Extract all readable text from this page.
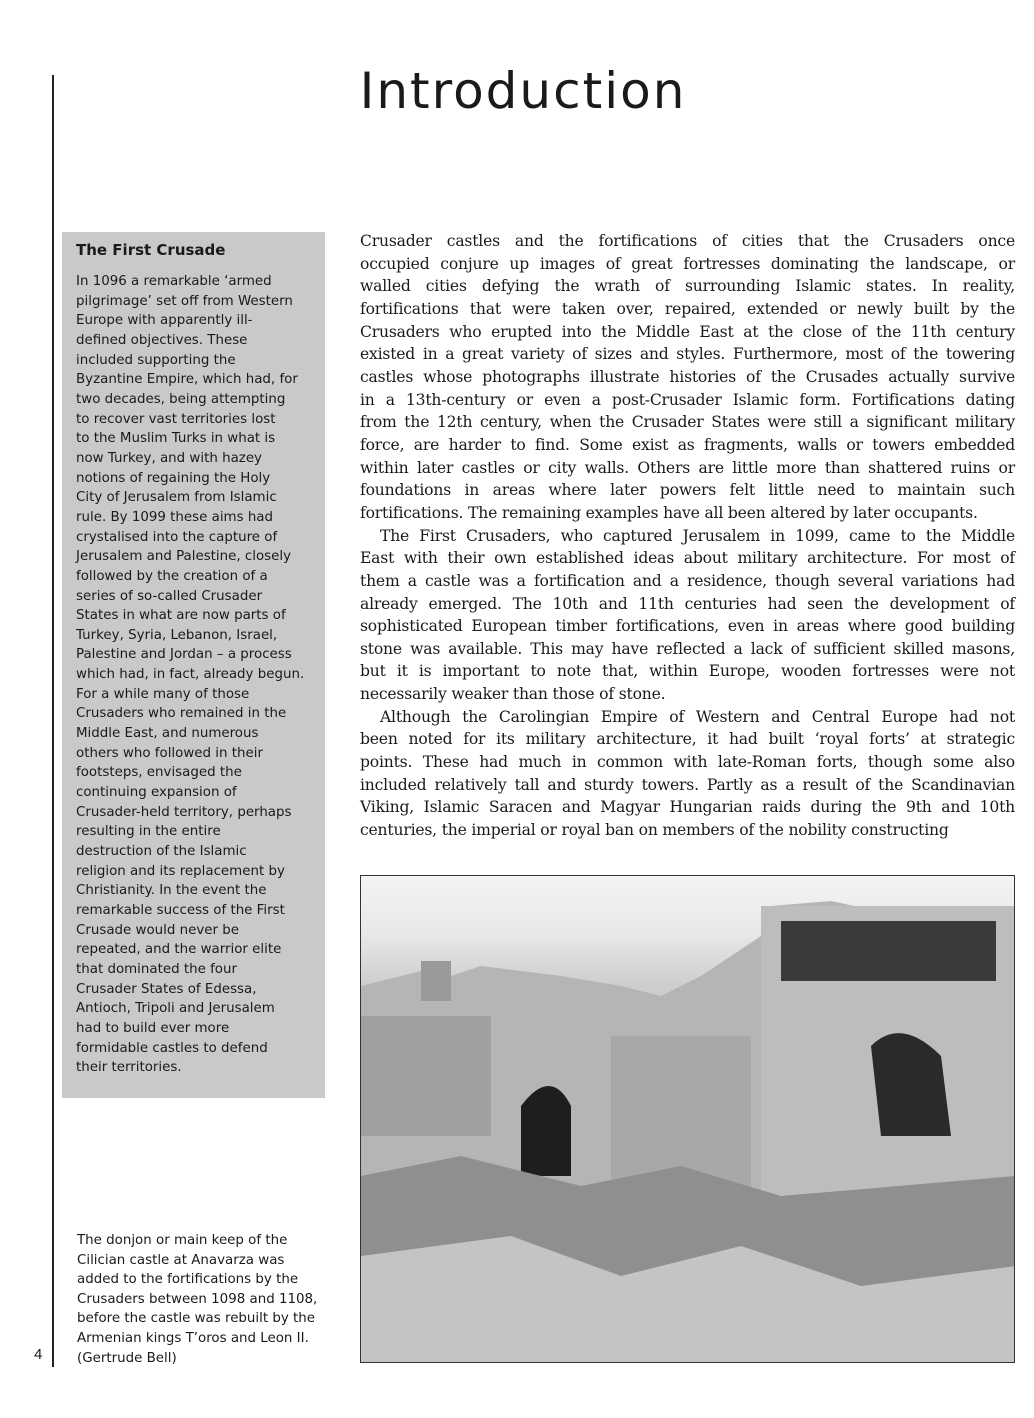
Introduction
4
The First Crusade
In 1096 a remarkable ‘armed
pilgrimage’ set off from Western
Europe with apparently ill-
defined objectives. These
included supporting the
Byzantine Empire, which had, for
two decades, being attempting
to recover vast territories lost
to the Muslim Turks in what is
now Turkey, and with hazey
notions of regaining the Holy
City of Jerusalem from Islamic
rule. By 1099 these aims had
crystalised into the capture of
Jerusalem and Palestine, closely
followed by the creation of a
series of so-called Crusader
States in what are now parts of
Turkey, Syria, Lebanon, Israel,
Palestine and Jordan – a process
which had, in fact, already begun.
For a while many of those
Crusaders who remained in the
Middle East, and numerous
others who followed in their
footsteps, envisaged the
continuing expansion of
Crusader-held territory, perhaps
resulting in the entire
destruction of the Islamic
religion and its replacement by
Christianity. In the event the
remarkable success of the First
Crusade would never be
repeated, and the warrior elite
that dominated the four
Crusader States of Edessa,
Antioch, Tripoli and Jerusalem
had to build ever more
formidable castles to defend
their territories.
Crusader castles and the fortifications of cities that the Crusaders once
occupied conjure up images of great fortresses dominating the landscape, or
walled cities defying the wrath of surrounding Islamic states. In reality,
fortifications that were taken over, repaired, extended or newly built by the
Crusaders who erupted into the Middle East at the close of the 11th century
existed in a great variety of sizes and styles. Furthermore, most of the towering
castles whose photographs illustrate histories of the Crusades actually survive
in a 13th-century or even a post-Crusader Islamic form. Fortifications dating
from the 12th century, when the Crusader States were still a significant military
force, are harder to find. Some exist as fragments, walls or towers embedded
within later castles or city walls. Others are little more than shattered ruins or
foundations in areas where later powers felt little need to maintain such
fortifications. The remaining examples have all been altered by later occupants.
The First Crusaders, who captured Jerusalem in 1099, came to the Middle
East with their own established ideas about military architecture. For most of
them a castle was a fortification and a residence, though several variations had
already emerged. The 10th and 11th centuries had seen the development of
sophisticated European timber fortifications, even in areas where good building
stone was available. This may have reflected a lack of sufficient skilled masons,
but it is important to note that, within Europe, wooden fortresses were not
necessarily weaker than those of stone.
Although the Carolingian Empire of Western and Central Europe had not
been noted for its military architecture, it had built ‘royal forts’ at strategic
points. These had much in common with late-Roman forts, though some also
included relatively tall and sturdy towers. Partly as a result of the Scandinavian
Viking, Islamic Saracen and Magyar Hungarian raids during the 9th and 10th
centuries, the imperial or royal ban on members of the nobility constructing
The donjon or main keep of the
Cilician castle at Anavarza was
added to the fortifications by the
Crusaders between 1098 and 1108,
before the castle was rebuilt by the
Armenian kings T’oros and Leon II.
(Gertrude Bell)
